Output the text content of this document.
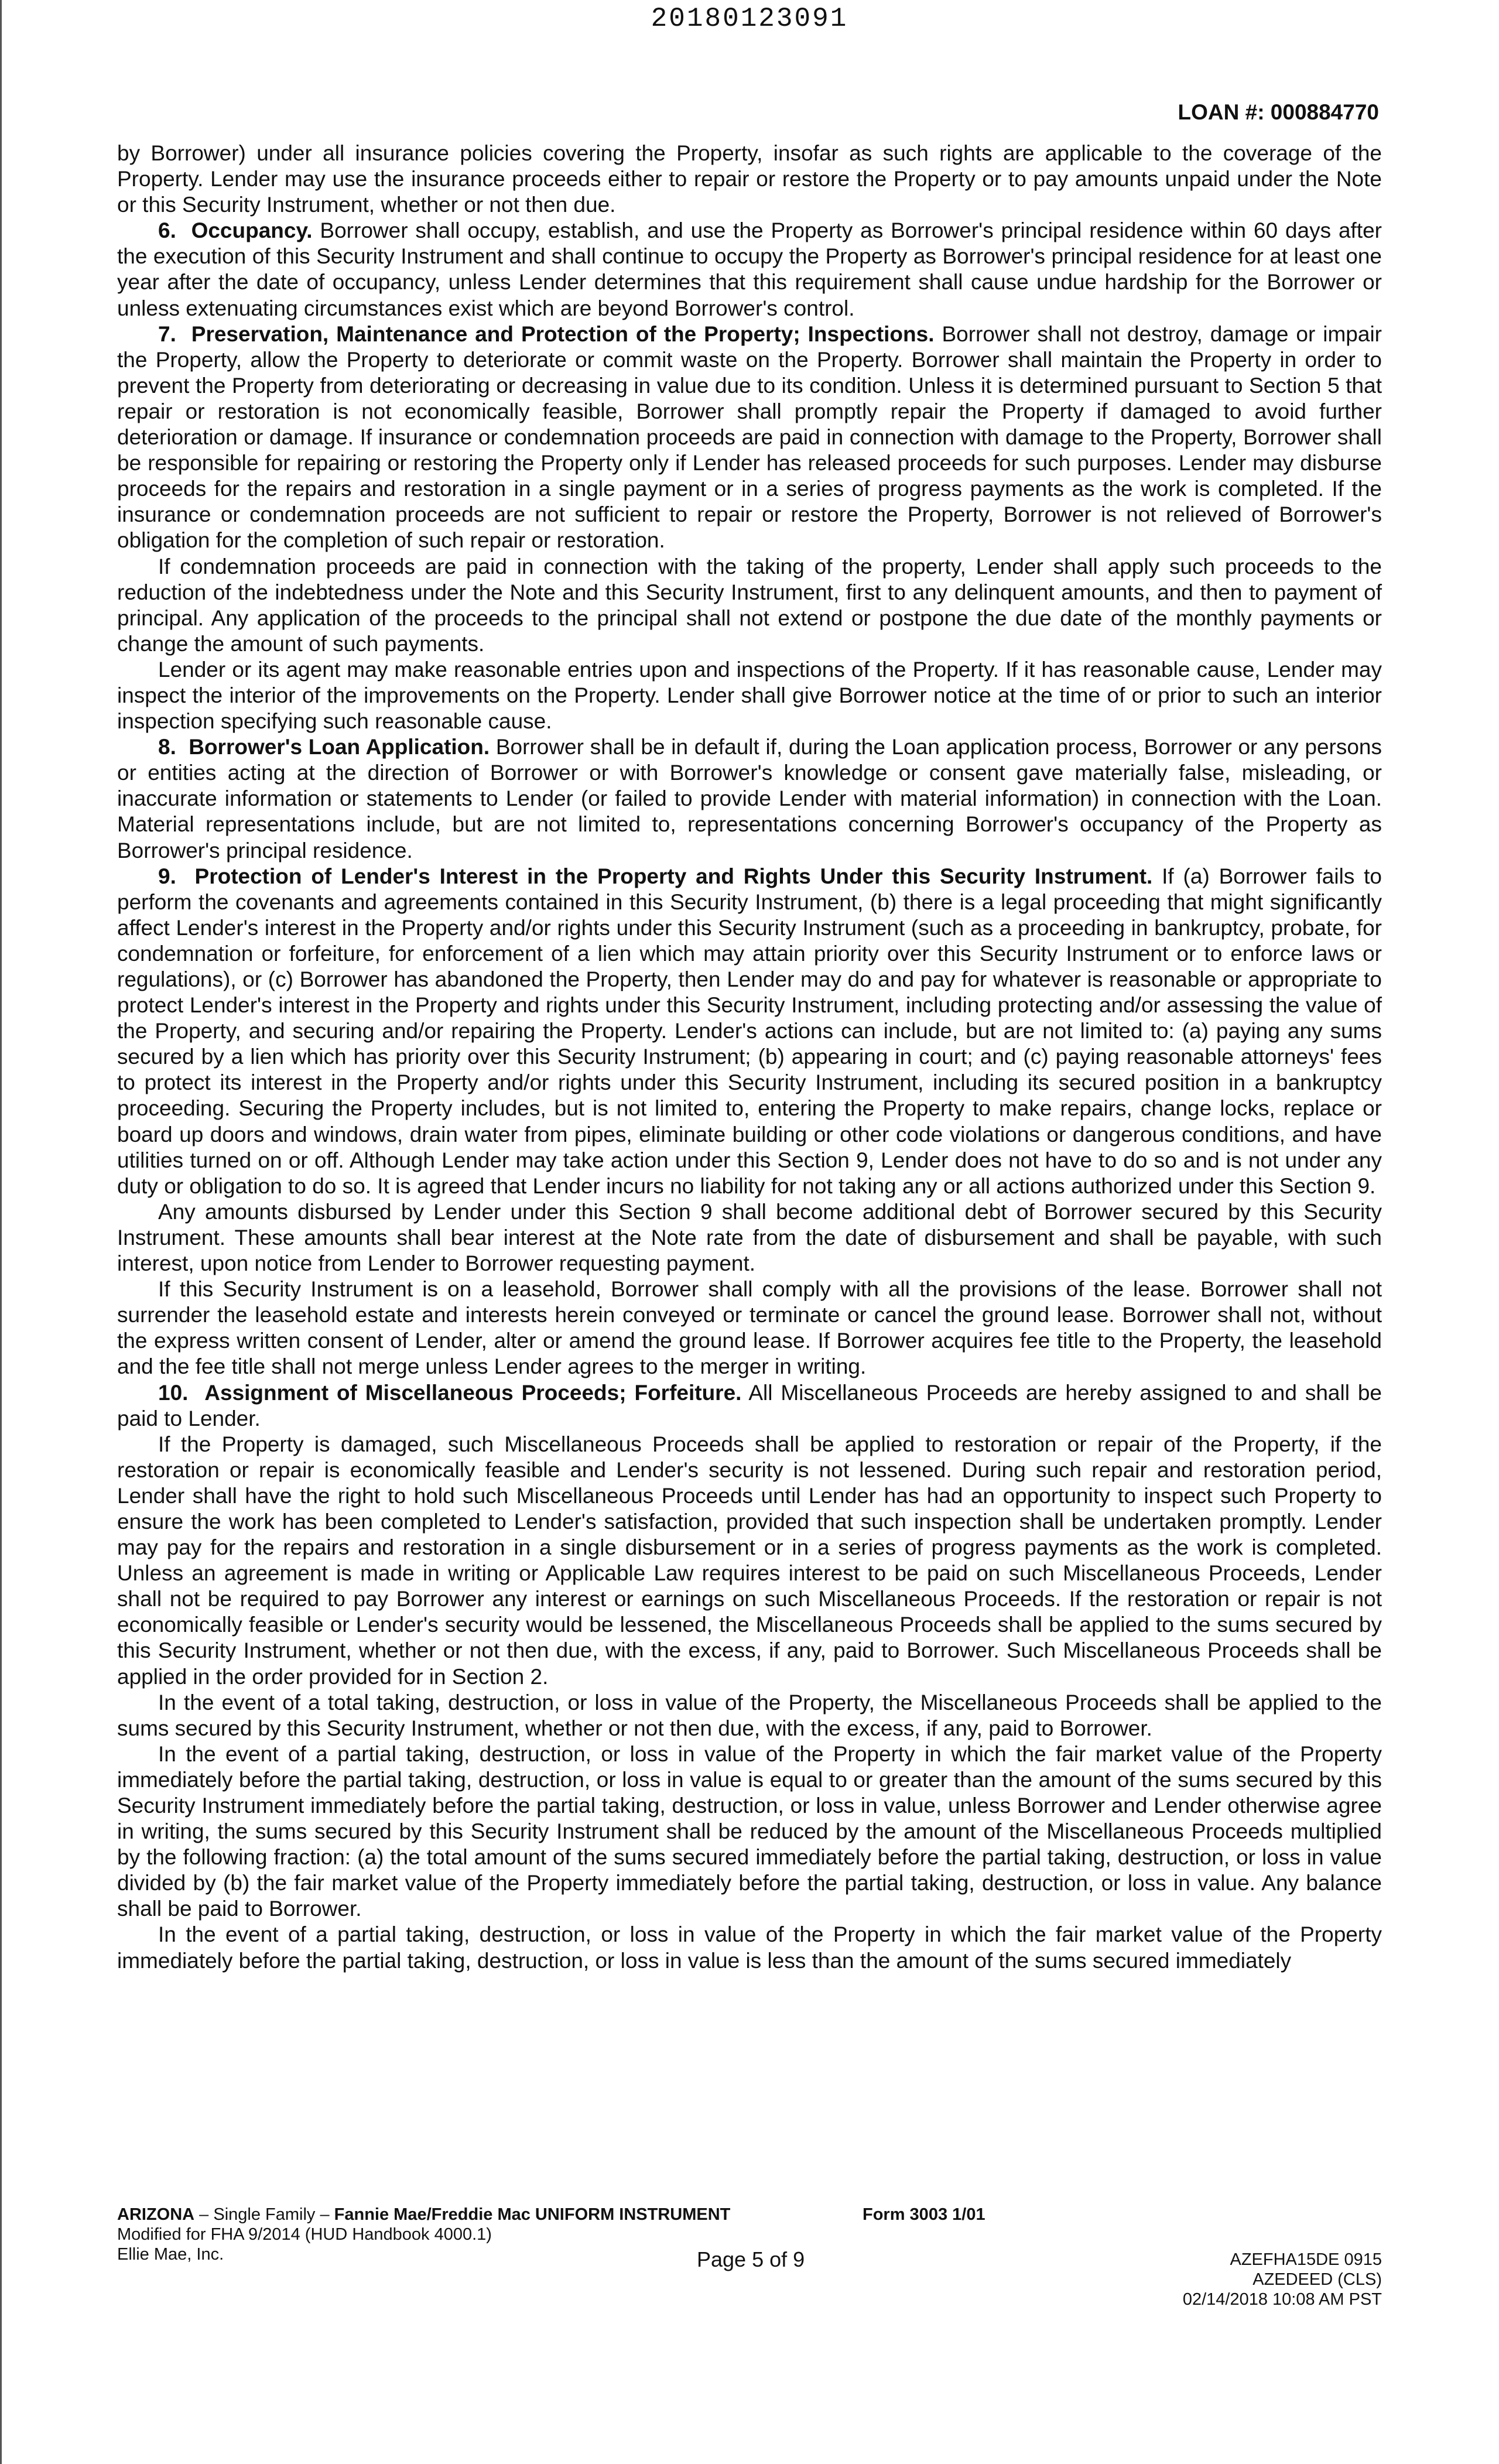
20180123091
LOAN #: 000884770

by Borrower) under all insurance policies covering the Property, insofar as such rights are applicable to the coverage of the Property. Lender may use the insurance proceeds either to repair or restore the Property or to pay amounts unpaid under the Note or this Security Instrument, whether or not then due.

6. Occupancy. Borrower shall occupy, establish, and use the Property as Borrower's principal residence within 60 days after the execution of this Security Instrument and shall continue to occupy the Property as Borrower's principal residence for at least one year after the date of occupancy, unless Lender determines that this requirement shall cause undue hardship for the Borrower or unless extenuating circumstances exist which are beyond Borrower's control.

7. Preservation, Maintenance and Protection of the Property; Inspections. Borrower shall not destroy, damage or impair the Property, allow the Property to deteriorate or commit waste on the Property. Borrower shall maintain the Property in order to prevent the Property from deteriorating or decreasing in value due to its condition. Unless it is determined pursuant to Section 5 that repair or restoration is not economically feasible, Borrower shall promptly repair the Property if damaged to avoid further deterioration or damage. If insurance or condemnation proceeds are paid in connection with damage to the Property, Borrower shall be responsible for repairing or restoring the Property only if Lender has released proceeds for such purposes. Lender may disburse proceeds for the repairs and restoration in a single payment or in a series of progress payments as the work is completed. If the insurance or condemnation proceeds are not sufficient to repair or restore the Property, Borrower is not relieved of Borrower's obligation for the completion of such repair or restoration.

If condemnation proceeds are paid in connection with the taking of the property, Lender shall apply such proceeds to the reduction of the indebtedness under the Note and this Security Instrument, first to any delinquent amounts, and then to payment of principal. Any application of the proceeds to the principal shall not extend or postpone the due date of the monthly payments or change the amount of such payments.

Lender or its agent may make reasonable entries upon and inspections of the Property. If it has reasonable cause, Lender may inspect the interior of the improvements on the Property. Lender shall give Borrower notice at the time of or prior to such an interior inspection specifying such reasonable cause.

8. Borrower's Loan Application. Borrower shall be in default if, during the Loan application process, Borrower or any persons or entities acting at the direction of Borrower or with Borrower's knowledge or consent gave materially false, misleading, or inaccurate information or statements to Lender (or failed to provide Lender with material information) in connection with the Loan. Material representations include, but are not limited to, representations concerning Borrower's occupancy of the Property as Borrower's principal residence.

9. Protection of Lender's Interest in the Property and Rights Under this Security Instrument. If (a) Borrower fails to perform the covenants and agreements contained in this Security Instrument, (b) there is a legal proceeding that might significantly affect Lender's interest in the Property and/or rights under this Security Instrument (such as a proceeding in bankruptcy, probate, for condemnation or forfeiture, for enforcement of a lien which may attain priority over this Security Instrument or to enforce laws or regulations), or (c) Borrower has abandoned the Property, then Lender may do and pay for whatever is reasonable or appropriate to protect Lender's interest in the Property and rights under this Security Instrument, including protecting and/or assessing the value of the Property, and securing and/or repairing the Property. Lender's actions can include, but are not limited to: (a) paying any sums secured by a lien which has priority over this Security Instrument; (b) appearing in court; and (c) paying reasonable attorneys' fees to protect its interest in the Property and/or rights under this Security Instrument, including its secured position in a bankruptcy proceeding. Securing the Property includes, but is not limited to, entering the Property to make repairs, change locks, replace or board up doors and windows, drain water from pipes, eliminate building or other code violations or dangerous conditions, and have utilities turned on or off. Although Lender may take action under this Section 9, Lender does not have to do so and is not under any duty or obligation to do so. It is agreed that Lender incurs no liability for not taking any or all actions authorized under this Section 9.

Any amounts disbursed by Lender under this Section 9 shall become additional debt of Borrower secured by this Security Instrument. These amounts shall bear interest at the Note rate from the date of disbursement and shall be payable, with such interest, upon notice from Lender to Borrower requesting payment.

If this Security Instrument is on a leasehold, Borrower shall comply with all the provisions of the lease. Borrower shall not surrender the leasehold estate and interests herein conveyed or terminate or cancel the ground lease. Borrower shall not, without the express written consent of Lender, alter or amend the ground lease. If Borrower acquires fee title to the Property, the leasehold and the fee title shall not merge unless Lender agrees to the merger in writing.

10. Assignment of Miscellaneous Proceeds; Forfeiture. All Miscellaneous Proceeds are hereby assigned to and shall be paid to Lender.

If the Property is damaged, such Miscellaneous Proceeds shall be applied to restoration or repair of the Property, if the restoration or repair is economically feasible and Lender's security is not lessened. During such repair and restoration period, Lender shall have the right to hold such Miscellaneous Proceeds until Lender has had an opportunity to inspect such Property to ensure the work has been completed to Lender's satisfaction, provided that such inspection shall be undertaken promptly. Lender may pay for the repairs and restoration in a single disbursement or in a series of progress payments as the work is completed. Unless an agreement is made in writing or Applicable Law requires interest to be paid on such Miscellaneous Proceeds, Lender shall not be required to pay Borrower any interest or earnings on such Miscellaneous Proceeds. If the restoration or repair is not economically feasible or Lender's security would be lessened, the Miscellaneous Proceeds shall be applied to the sums secured by this Security Instrument, whether or not then due, with the excess, if any, paid to Borrower. Such Miscellaneous Proceeds shall be applied in the order provided for in Section 2.

In the event of a total taking, destruction, or loss in value of the Property, the Miscellaneous Proceeds shall be applied to the sums secured by this Security Instrument, whether or not then due, with the excess, if any, paid to Borrower.

In the event of a partial taking, destruction, or loss in value of the Property in which the fair market value of the Property immediately before the partial taking, destruction, or loss in value is equal to or greater than the amount of the sums secured by this Security Instrument immediately before the partial taking, destruction, or loss in value, unless Borrower and Lender otherwise agree in writing, the sums secured by this Security Instrument shall be reduced by the amount of the Miscellaneous Proceeds multiplied by the following fraction: (a) the total amount of the sums secured immediately before the partial taking, destruction, or loss in value divided by (b) the fair market value of the Property immediately before the partial taking, destruction, or loss in value. Any balance shall be paid to Borrower.

In the event of a partial taking, destruction, or loss in value of the Property in which the fair market value of the Property immediately before the partial taking, destruction, or loss in value is less than the amount of the sums secured immediately

ARIZONA – Single Family – Fannie Mae/Freddie Mac UNIFORM INSTRUMENT
Modified for FHA 9/2014 (HUD Handbook 4000.1)
Ellie Mae, Inc.
Form 3003 1/01
Page 5 of 9	AZEFHA15DE 0915
AZEDEED (CLS)
02/14/2018 10:08 AM PST
